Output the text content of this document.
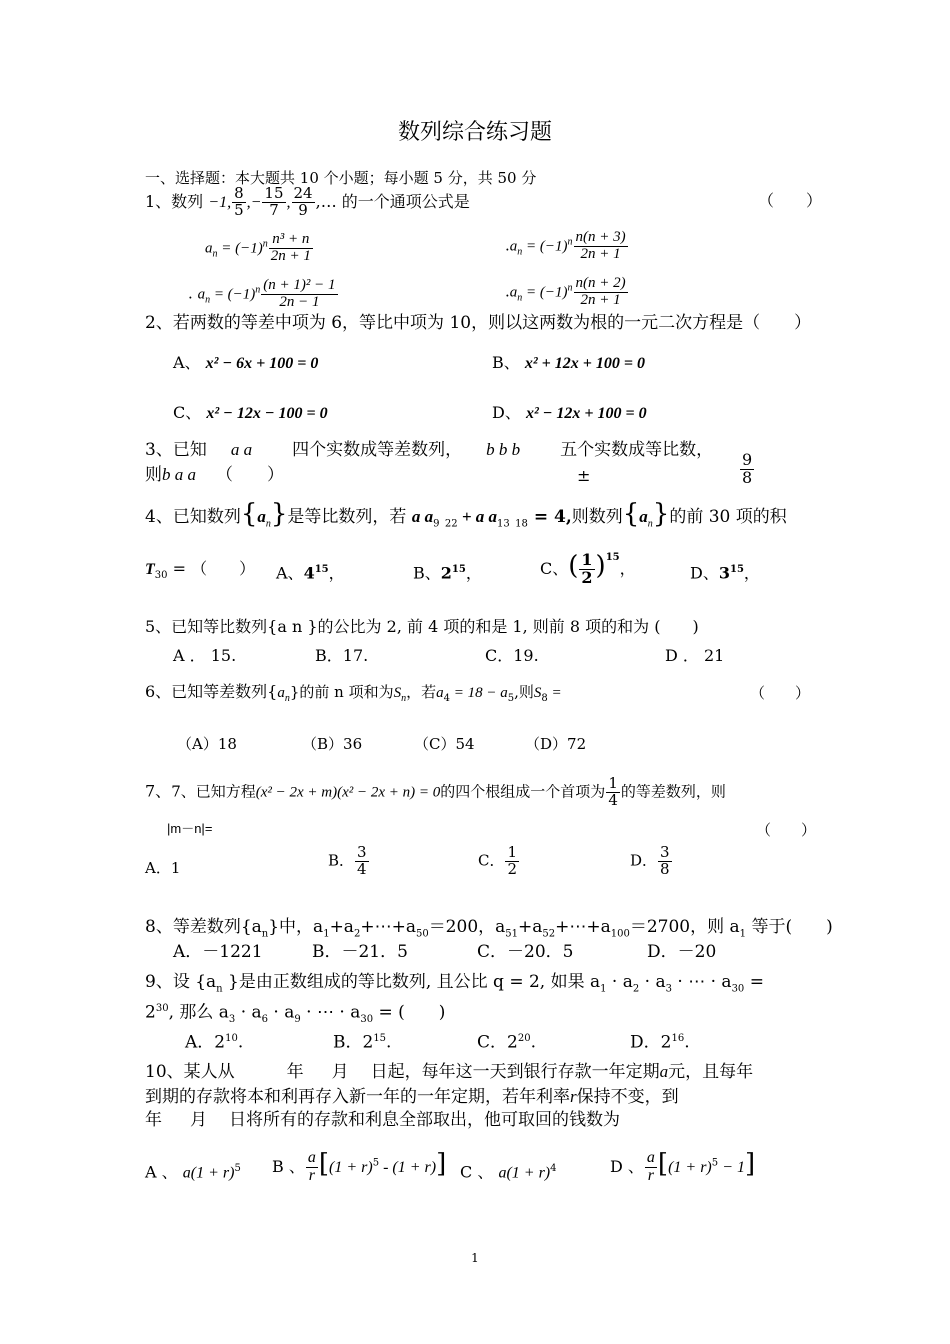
数列综合练习题
一、选择题：本大题共 10 个小题；每小题 5 分，共 50 分
1、数列 −1, $\frac{8}{5}$ ,− $\frac{15}{7}$ , $\frac{24}{9}$ ,… 的一个通项公式是	（　　）
$a_n = (-1)^n \frac{\text{n³ + n}}{2n + 1}$	$.a_n = (-1)^n \frac{n(n + 3)}{2n + 1}$
. $a_n = (-1)^n \frac{\text{(n + 1)² − 1}}{2n - 1}$	$.a_n = (-1)^n \frac{n(n + 2)}{2n + 1}$
2、若两数的等差中项为 6，等比中项为 10，则以这两数为根的一元二次方程是（　　）
A、 x² − 6x + 100 = 0	B、 x² + 12x + 100 = 0
C、 x² − 12x − 100 = 0	D、 x² − 12x + 100 = 0
3、已知 a a 四个实数成等差数列， b b b 五个实数成等比数，
则b a a （　　）	±	$\frac{9}{8}$
4、已知数列$\{a_n\}$是等比数列，若 a $a_9$ $_{22}$ + a $a_{13}$ $_{18}$ = 4,则数列$\{a_n\}$的前 30 项的积
$T_{30}$ = （　　） A、$4^{15}$，	B、$2^{15}$，	C、( $\frac{1}{2} )^{15}$，	D、$3^{15}$，
5、已知等比数列{a n }的公比为 2, 前 4 项的和是 1, 则前 8 项的和为 (　　)
A ． 15.	B．17.	C．19.	D ． 21
6、已知等差数列$\{a_n\}$的前 n 项和为$S_n$，若$a_4 = 18 - a_5$,则$S_8$ =	（　　）
（A）18	（B）36	（C）54	（D）72
7、7、已知方程(x² − 2x + m)(x² − 2x + n) = 0的四个根组成一个首项为 $\frac{1}{4}$ 的等差数列，则
|m－n|=	（　　）
A．1	B． $\frac{3}{4}$	C． $\frac{1}{2}$	D． $\frac{3}{8}$
8、等差数列$\{a_n\}$中，$a_1+a_2+\cdots+a_{50}=200$，$a_{51}+a_{52}+\cdots+a_{100}=2700$，则 $a_1$ 等于(　　)
A．－1221	B．－21．5	C．－20．5	D．－20
9、设 {$a_n$ }是由正数组成的等比数列, 且公比 q = 2, 如果 $a_1 \cdot a_2 \cdot a_3$ · ⋯ · $a_{30}$ =
$2^{30}$, 那么 $a_3 \cdot a_6 \cdot a_9$ · ⋯ · $a_{30}$ = (　　)
A．$2^{10}$.	B．$2^{15}$.	C．$2^{20}$.	D．$2^{16}$.
10、某人从	年 月 日起，每年这一天到银行存款一年定期a元，且每年
到期的存款将本和利再存入新一年的一年定期，若年利率r保持不变，到
年 月 日将所有的存款和利息全部取出，他可取回的钱数为
A 、 $a(1 + r)^5$ B 、 $\frac{a}{r} [(1 + r)^5 - (1 + r)]$ C 、 $a(1 + r)^4$	D 、 $\frac{a}{r} [(1 + r)^5 - 1]$
1
